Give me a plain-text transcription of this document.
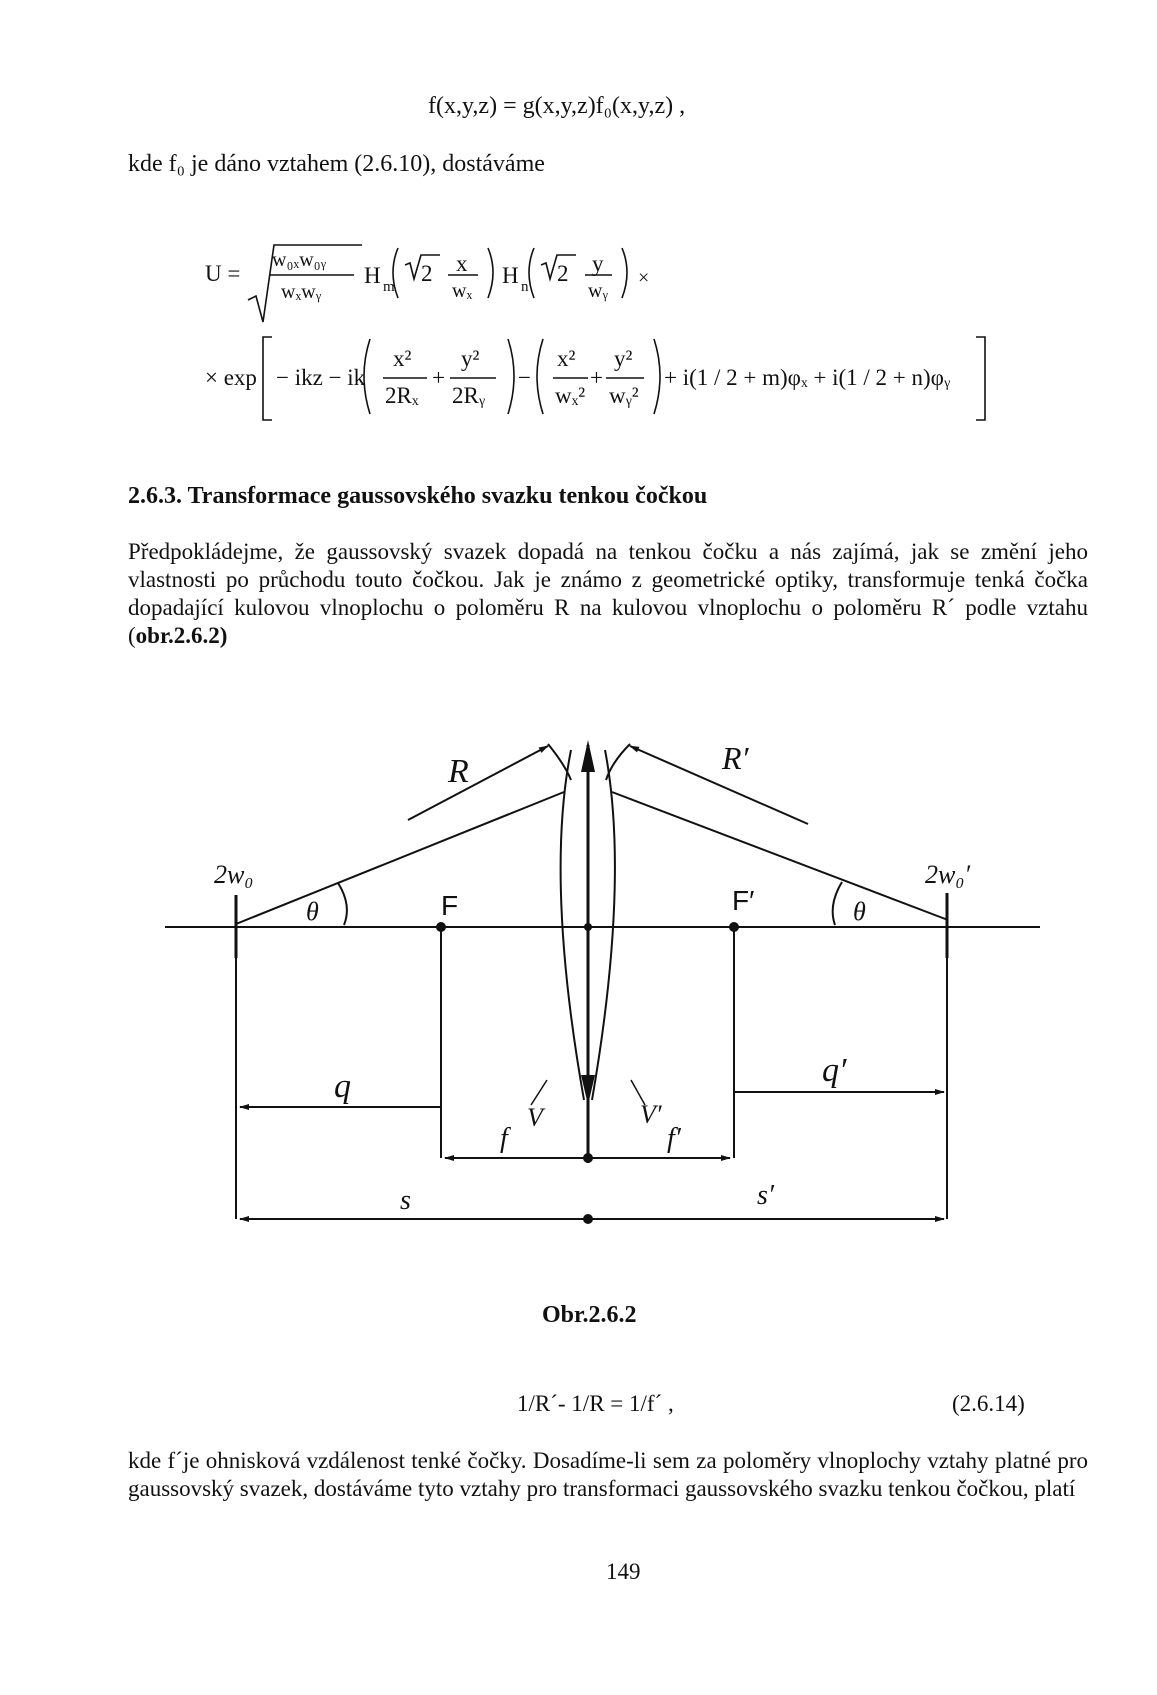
f(x,y,z) = g(x,y,z)f₀(x,y,z) ,
kde f₀ je dáno vztahem (2.6.10), dostáváme
U =
w₀ₓw₀ᵧ
wₓwᵧ
H m
2 x
wₓ
H n
2 y
wᵧ
×
× exp − ikz − ik
x²
2Rₓ
+
y²
2Rᵧ
−
x²
wₓ²
+
y²
wᵧ²
+ i(1 / 2 + m)φₓ + i(1 / 2 + n)φᵧ
2.6.3. Transformace gaussovského svazku tenkou čočkou
Předpokládejme, že gaussovský svazek dopadá na tenkou čočku a nás zajímá, jak se změní jeho vlastnosti po průchodu touto čočkou. Jak je známo z geometrické optiky, transformuje tenká čočka dopadající kulovou vlnoplochu o poloměru R na kulovou vlnoplochu o poloměru R´ podle vztahu (obr.2.6.2)
R	R′
2w₀	2w₀′
θ	θ
F	F′
q	q′
f	f′
V	V′
s	s′
Obr.2.6.2
1/R´- 1/R = 1/f´ ,	(2.6.14)
kde f´je ohnisková vzdálenost tenké čočky. Dosadíme-li sem za poloměry vlnoplochy vztahy platné pro gaussovský svazek, dostáváme tyto vztahy pro transformaci gaussovského svazku tenkou čočkou, platí
149
